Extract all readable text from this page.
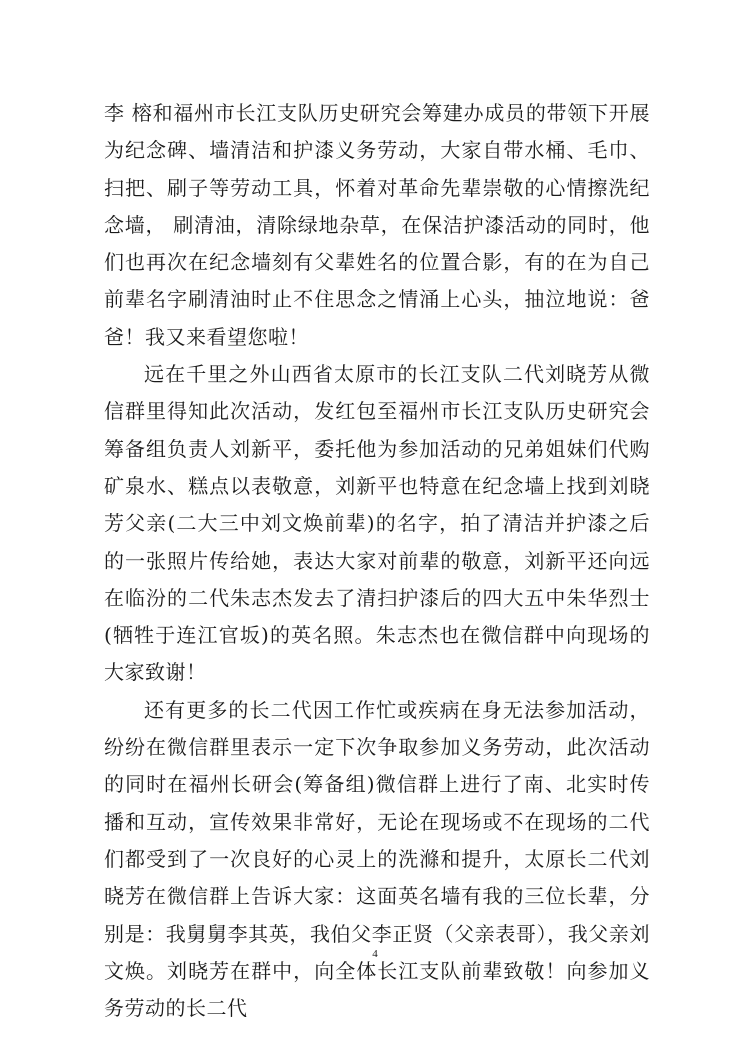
李 榕和福州市长江支队历史研究会筹建办成员的带领下开展为纪念碑、墙清洁和护漆义务劳动，大家自带水桶、毛巾、扫把、刷子等劳动工具，怀着对革命先辈崇敬的心情擦洗纪念墙， 刷清油，清除绿地杂草，在保洁护漆活动的同时，他们也再次在纪念墙刻有父辈姓名的位置合影，有的在为自己前辈名字刷清油时止不住思念之情涌上心头，抽泣地说：爸爸！我又来看望您啦！

远在千里之外山西省太原市的长江支队二代刘晓芳从微信群里得知此次活动，发红包至福州市长江支队历史研究会筹备组负责人刘新平，委托他为参加活动的兄弟姐妹们代购矿泉水、糕点以表敬意，刘新平也特意在纪念墙上找到刘晓芳父亲(二大三中刘文焕前辈)的名字，拍了清洁并护漆之后的一张照片传给她，表达大家对前辈的敬意，刘新平还向远在临汾的二代朱志杰发去了清扫护漆后的四大五中朱华烈士(牺牲于连江官坂)的英名照。朱志杰也在微信群中向现场的大家致谢！

还有更多的长二代因工作忙或疾病在身无法参加活动，纷纷在微信群里表示一定下次争取参加义务劳动，此次活动的同时在福州长研会(筹备组)微信群上进行了南、北实时传播和互动，宣传效果非常好，无论在现场或不在现场的二代们都受到了一次良好的心灵上的洗滌和提升，太原长二代刘晓芳在微信群上告诉大家：这面英名墙有我的三位长辈，分别是：我舅舅李其英，我伯父李正贤（父亲表哥），我父亲刘文焕。刘晓芳在群中，向全体长江支队前辈致敬！向参加义务劳动的长二代

4
